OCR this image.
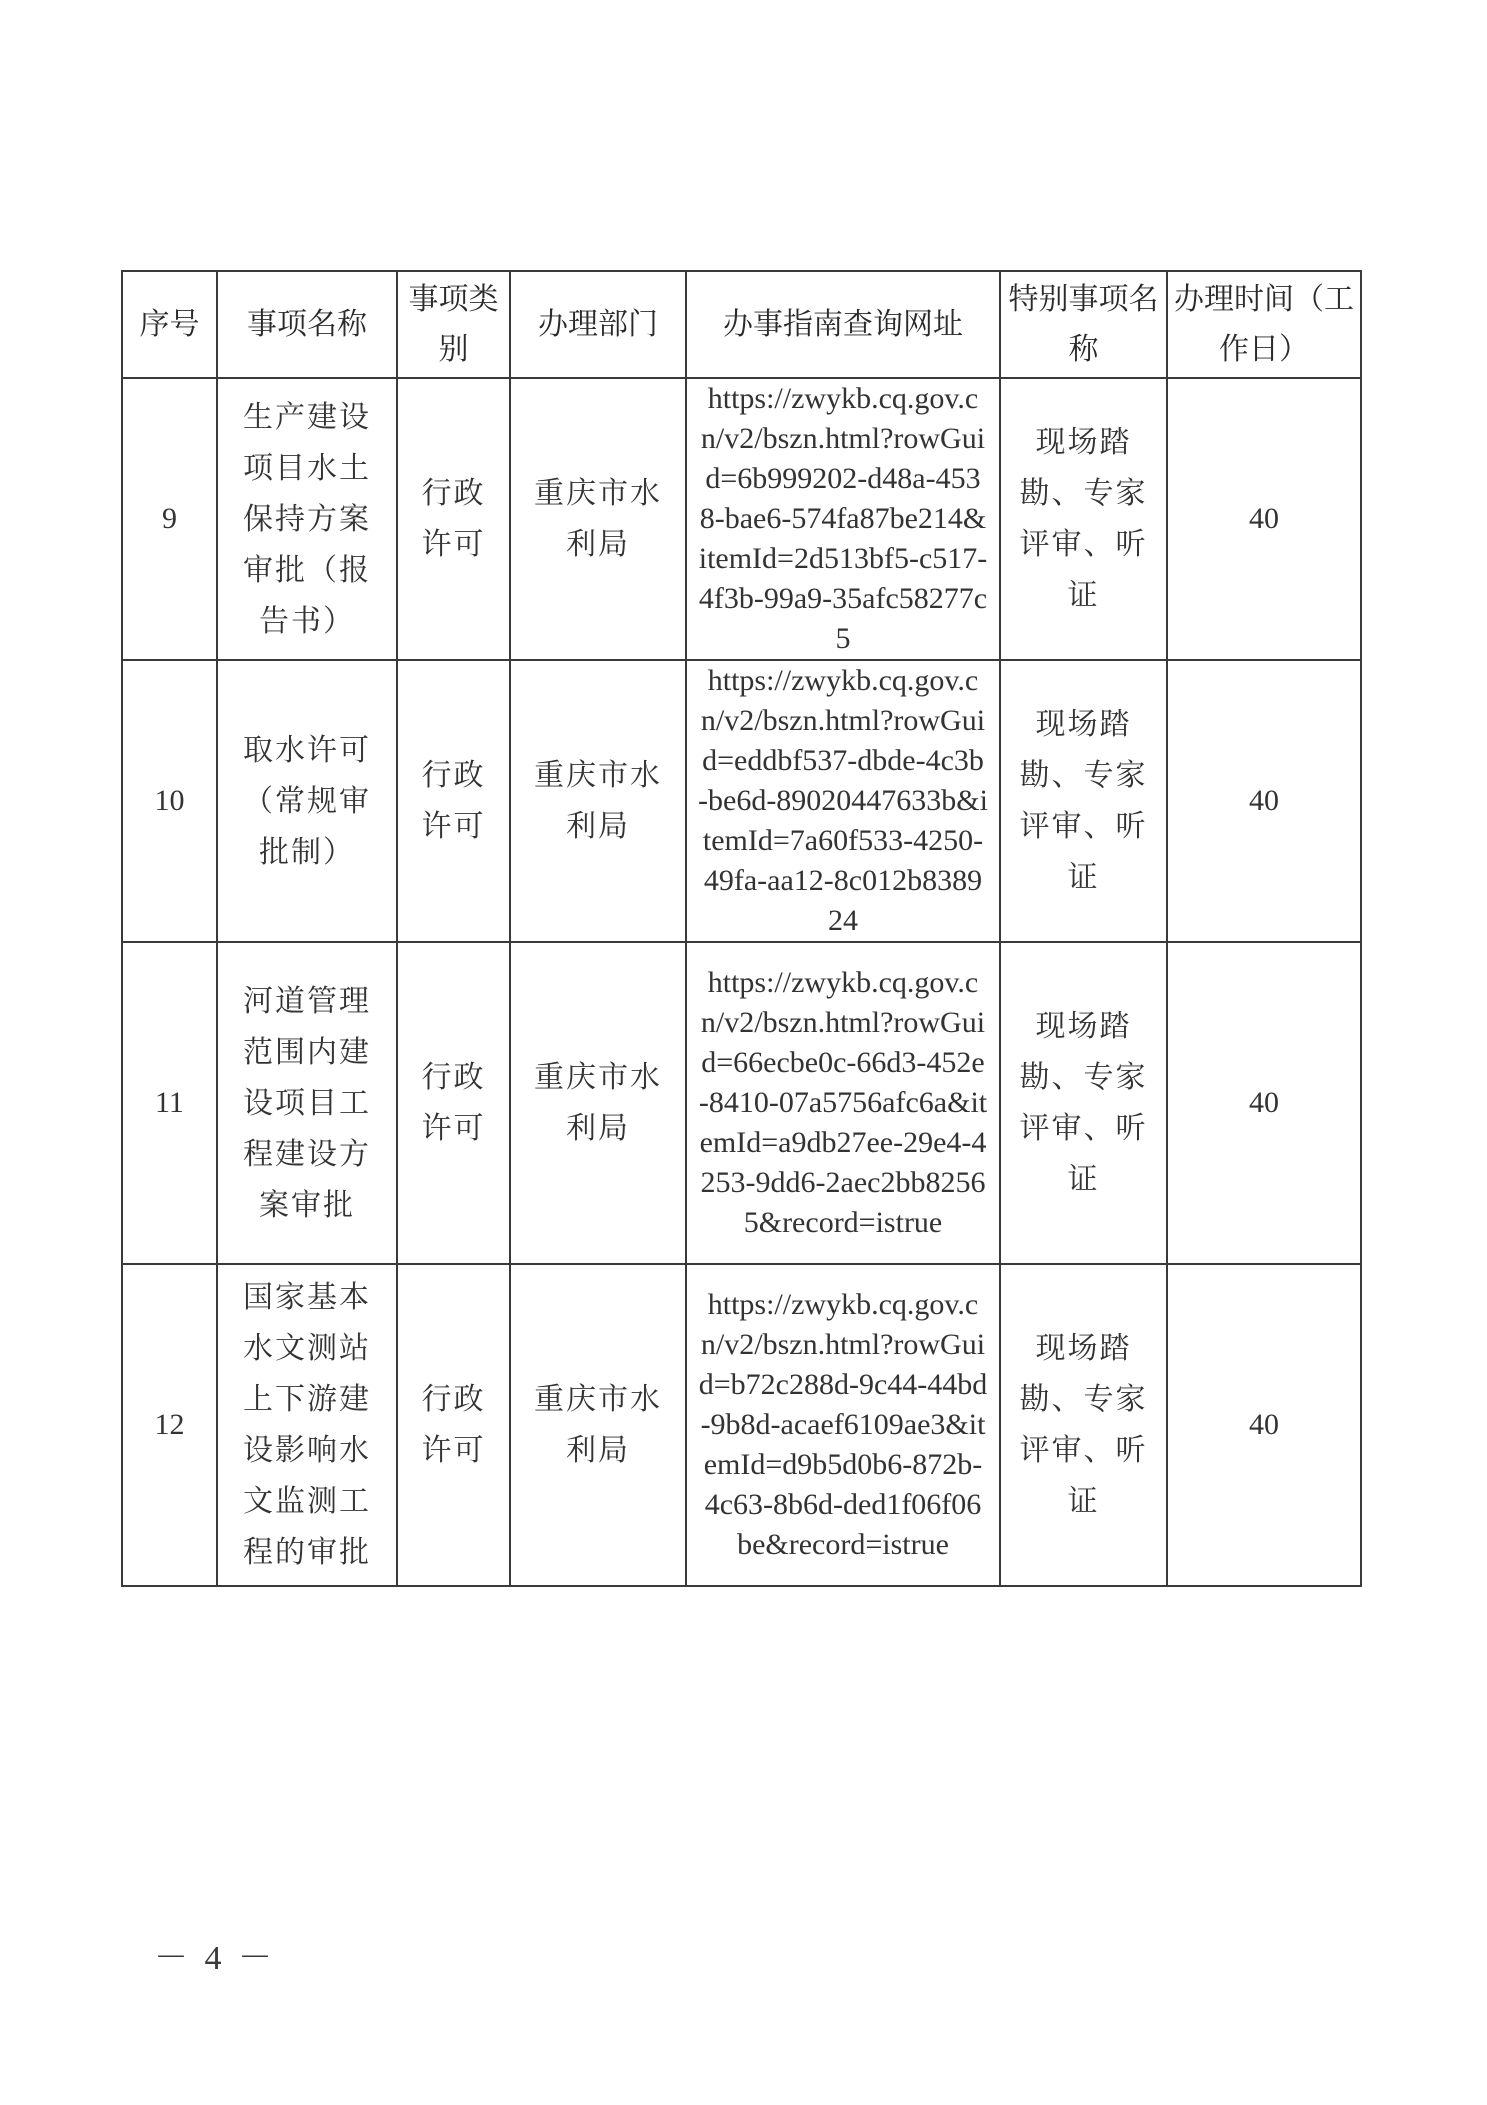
序号	事项名称	事项类别	办理部门	办事指南查询网址	特别事项名称	办理时间（工作日）
9	生产建设项目水土保持方案审批（报告书）	行政许可	重庆市水利局	https://zwykb.cq.gov.cn/v2/bszn.html?rowGuid=6b999202-d48a-4538-bae6-574fa87be214&itemId=2d513bf5-c517-4f3b-99a9-35afc58277c5	现场踏勘、专家评审、听证	40
10	取水许可（常规审批制）	行政许可	重庆市水利局	https://zwykb.cq.gov.cn/v2/bszn.html?rowGuid=eddbf537-dbde-4c3b-be6d-89020447633b&itemId=7a60f533-4250-49fa-aa12-8c012b838924	现场踏勘、专家评审、听证	40
11	河道管理范围内建设项目工程建设方案审批	行政许可	重庆市水利局	https://zwykb.cq.gov.cn/v2/bszn.html?rowGuid=66ecbe0c-66d3-452e-8410-07a5756afc6a&itemId=a9db27ee-29e4-4253-9dd6-2aec2bb82565&record=istrue	现场踏勘、专家评审、听证	40
12	国家基本水文测站上下游建设影响水文监测工程的审批	行政许可	重庆市水利局	https://zwykb.cq.gov.cn/v2/bszn.html?rowGuid=b72c288d-9c44-44bd-9b8d-acaef6109ae3&itemId=d9b5d0b6-872b-4c63-8b6d-ded1f06f06be&record=istrue	现场踏勘、专家评审、听证	40
－ 4 －
